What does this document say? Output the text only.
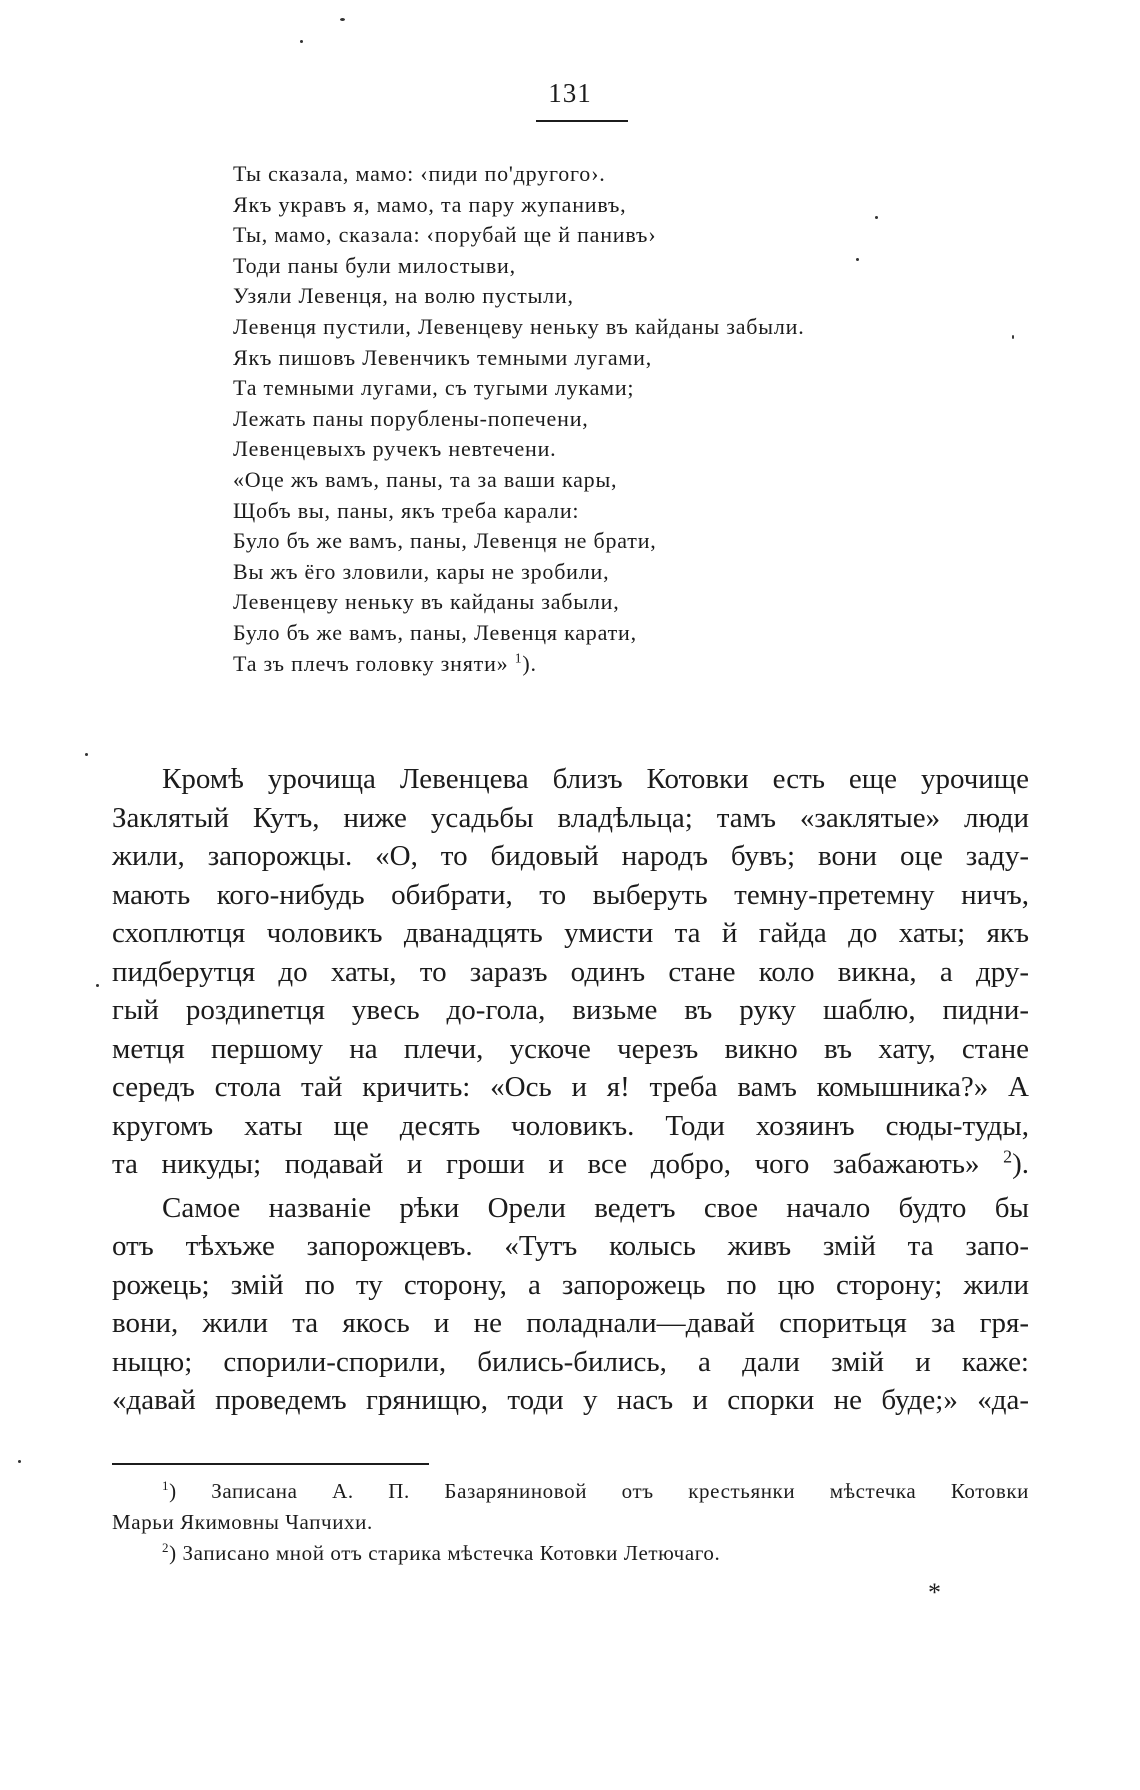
131
Ты сказала, мамо: ‹пиди по'другого›.
Якъ укравъ я, мамо, та пару жупанивъ,
Ты, мамо, сказала: ‹порубай ще й панивъ›
Тоди паны були милостыви,
Узяли Левенця, на волю пустыли,
Левенця пустили, Левенцеву неньку въ кайданы забыли.
Якъ пишовъ Левенчикъ темными лугами,
Та темными лугами, съ тугыми луками;
Лежать паны порублены-попечени,
Левенцевыхъ ручекъ невтечени.
«Оце жъ вамъ, паны, та за ваши кары,
Щобъ вы, паны, якъ треба карали:
Було бъ же вамъ, паны, Левенця не брати,
Вы жъ ёго зловили, кары не зробили,
Левенцеву неньку въ кайданы забыли,
Було бъ же вамъ, паны, Левенця карати,
Та зъ плечъ головку зняти» $^1$).
Кромѣ урочища Левенцева близъ Котовки есть еще урочище
Заклятый Кутъ, ниже усадьбы владѣльца; тамъ «заклятые» люди
жили, запорожцы. «О, то бидовый народъ бувъ; вони оце заду-
мають кого-нибудь обибрати, то выберуть темну-претемну ничъ,
схоплютця чоловикъ дванадцять умисти та й гайда до хаты; якъ
пидберутця до хаты, то заразъ одинъ стане коло викна, а дру-
гый роздиnетця увесь до-гола, визьме въ руку шаблю, пидни-
метця першому на плечи, ускоче черезъ викно въ хату, стане
середъ стола тай кричить: «Ось и я! треба вамъ комышника?» А
кругомъ хаты ще десять чоловикъ. Тоди хозяинъ сюды-туды,
та никуды; подавай и гроши и все добро, чого забажають» $^2$).
Самое названіе рѣки Орели ведетъ свое начало будто бы
отъ тѣхъже запорожцевъ. «Тутъ колысь живъ змій та запо-
рожець; змій по ту сторону, а запорожець по цю сторону; жили
вони, жили та якось и не поладнали—давай споритьця за гря-
ныцю; спорили-спорили, бились-бились, а дали змій и каже:
«давай проведемъ грянищю, тоди у насъ и спорки не буде;» «да-
$^1$) Записана А. П. Базаряниновой отъ крестьянки мѣстечка Котовки
Марьи Якимовны Чапчихи.
$^2$) Записано мной отъ старика мѣстечка Котовки Летючаго.
*
